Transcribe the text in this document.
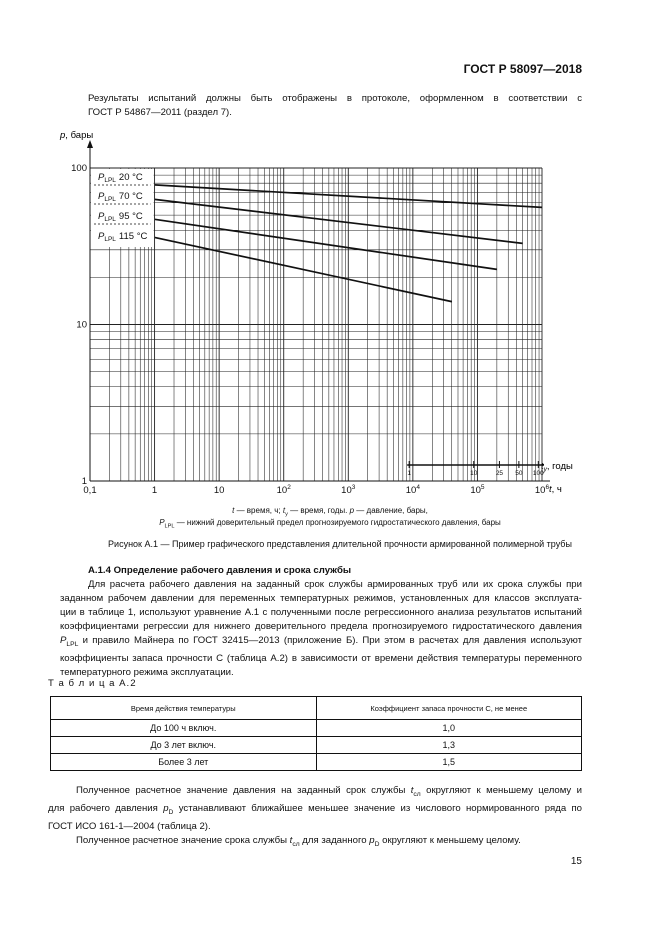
ГОСТ Р 58097—2018
Результаты испытаний должны быть отображены в протоколе, оформленном в соответствии с
ГОСТ Р 54867—2011 (раздел 7).
1	10	25 50 100
$P_{LPL}$ 20 °C
$P_{LPL}$ 70 °C
$P_{LPL}$ 95 °C
$P_{LPL}$ 115 °C
0,1	1	10	$10^2$	$10^3$	$10^4$	$10^5$	$10^6$
1
10
100
p, бары
t, ч
$t_y$, годы
t — время, ч; $t_y$ — время, годы. p — давление, бары,
$P_{LPL}$ — нижний доверительный предел прогнозируемого гидростатического давления, бары
Рисунок А.1 — Пример графического представления длительной прочности армированной полимерной трубы
А.1.4 Определение рабочего давления и срока службы
Для расчета рабочего давления на заданный срок службы армированных труб или их срока службы при
заданном рабочем давлении для переменных температурных режимов, установленных для классов эксплуата-
ции в таблице 1, используют уравнение А.1 с полученными после регрессионного анализа результатов испытаний
коэффициентами регрессии для нижнего доверительного предела прогнозируемого гидростатического давления
$P_{LPL}$ и правило Майнера по ГОСТ 32415—2013 (приложение Б). При этом в расчетах для давления используют
коэффициенты запаса прочности С (таблица А.2) в зависимости от времени действия температуры переменного
температурного режима эксплуатации.
Т а б л и ц а А.2
Время действия температуры	Коэффициент запаса прочности С, не менее
До 100 ч включ.	1,0
До 3 лет включ.	1,3
Более 3 лет	1,5
Полученное расчетное значение давления на заданный срок службы $t_{сл}$ округляют к меньшему целому и
для рабочего давления $p_D$ устанавливают ближайшее меньшее значение из числового нормированного ряда по
ГОСТ ИСО 161-1—2004 (таблица 2).
Полученное расчетное значение срока службы $t_{сл}$ для заданного $p_D$ округляют к меньшему целому.
15
